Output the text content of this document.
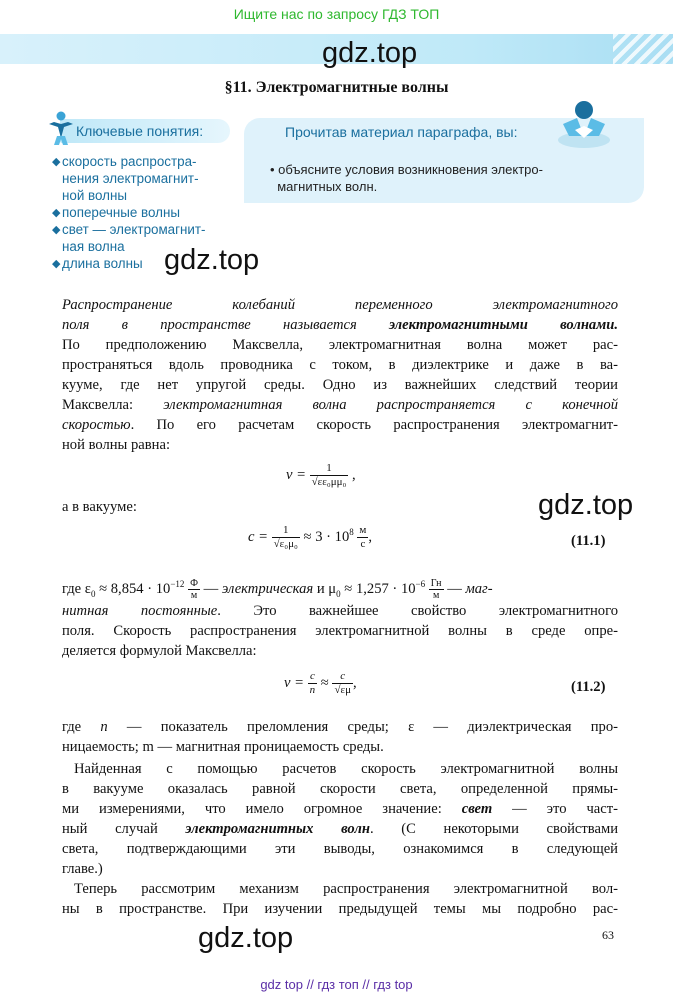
Ищите нас по запросу ГДЗ ТОП
gdz.top
§11. Электромагнитные волны
Ключевые понятия:
◆ скорость распростра-
нения электромагнит-
ной волны
◆ поперечные волны
◆ свет — электромагнит-
ная волна
◆ длина волны gdz.top
Прочитав материал параграфа, вы:
• объясните условия возникновения электро-
магнитных волн.
Распространение колебаний переменного электромагнитного
поля в пространстве называется электромагнитными волнами.
По предположению Максвелла, электромагнитная волна может рас-
пространяться вдоль проводника с током, в диэлектрике и даже в ва-
кууме, где нет упругой среды. Одно из важнейших следствий теории
Максвелла: электромагнитная волна распространяется с конечной
скоростью. По его расчетам скорость распространения электромагнит-
ной волны равна:
$v = \frac{1}{\text{√εε₀μμ₀}}$ ,
а в вакууме:	gdz.top
$c = \frac{1}{\text{√ε₀μ₀}} \approx 3 \cdot 10^8 \frac{м}{с}$ ,	(11.1)
где $\varepsilon_0 \approx 8,854 \cdot 10^{-12} \frac{Ф}{м}$ — электрическая и $\mu_0 \approx 1,257 \cdot 10^{-6} \frac{Гн}{м}$ — маг-
нитная постоянные. Это важнейшее свойство электромагнитного
поля. Скорость распространения электромагнитной волны в среде опре-
деляется формулой Максвелла:
$v = \frac{c}{n} \approx \frac{c}{√\varepsilon\mu}$ ,	(11.2)
где n — показатель преломления среды; ε — диэлектрическая про-
ницаемость; m — магнитная проницаемость среды.
Найденная с помощью расчетов скорость электромагнитной волны
в вакууме оказалась равной скорости света, определенной прямы-
ми измерениями, что имело огромное значение: свет — это част-
ный случай электромагнитных волн. (С некоторыми свойствами
света, подтверждающими эти выводы, ознакомимся в следующей
главе.)
Теперь рассмотрим механизм распространения электромагнитной вол-
ны в пространстве. При изучении предыдущей темы мы подробно рас-
gdz.top	63
gdz top // гдз топ // гдз top
